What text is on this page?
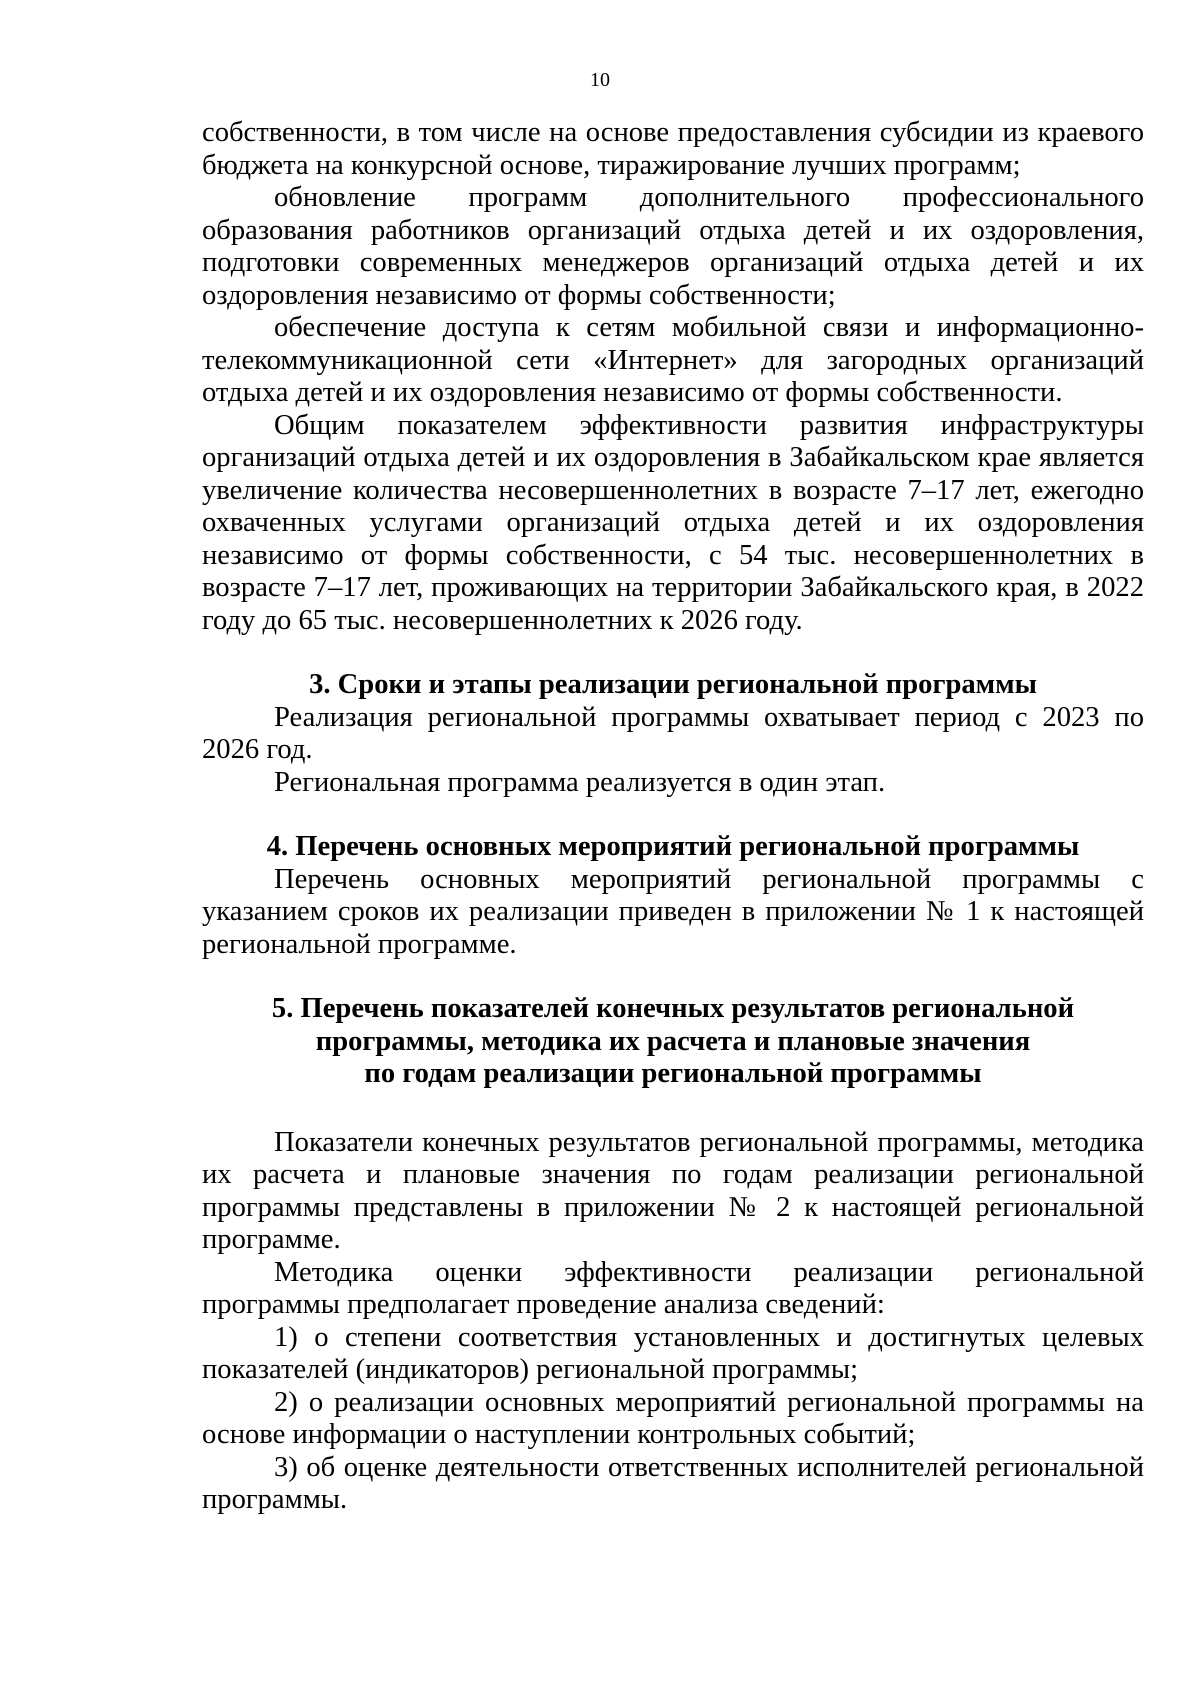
10

собственности, в том числе на основе предоставления субсидии из краевого бюджета на конкурсной основе, тиражирование лучших программ;

обновление программ дополнительного профессионального образования работников организаций отдыха детей и их оздоровления, подготовки современных менеджеров организаций отдыха детей и их оздоровления независимо от формы собственности;

обеспечение доступа к сетям мобильной связи и информационно-телекоммуникационной сети «Интернет» для загородных организаций отдыха детей и их оздоровления независимо от формы собственности.

Общим показателем эффективности развития инфраструктуры организаций отдыха детей и их оздоровления в Забайкальском крае является увеличение количества несовершеннолетних в возрасте 7–17 лет, ежегодно охваченных услугами организаций отдыха детей и их оздоровления независимо от формы собственности, с 54 тыс. несовершеннолетних в возрасте 7–17 лет, проживающих на территории Забайкальского края, в 2022 году до 65 тыс. несовершеннолетних к 2026 году.

3. Сроки и этапы реализации региональной программы

Реализация региональной программы охватывает период с 2023 по 2026 год.

Региональная программа реализуется в один этап.

4. Перечень основных мероприятий региональной программы

Перечень основных мероприятий региональной программы с указанием сроков их реализации приведен в приложении № 1 к настоящей региональной программе.

5. Перечень показателей конечных результатов региональной

программы, методика их расчета и плановые значения

по годам реализации региональной программы

Показатели конечных результатов региональной программы, методика их расчета и плановые значения по годам реализации региональной программы представлены в приложении № 2 к настоящей региональной программе.

Методика оценки эффективности реализации региональной программы предполагает проведение анализа сведений:

1) о степени соответствия установленных и достигнутых целевых показателей (индикаторов) региональной программы;

2) о реализации основных мероприятий региональной программы на основе информации о наступлении контрольных событий;

3) об оценке деятельности ответственных исполнителей региональной программы.
